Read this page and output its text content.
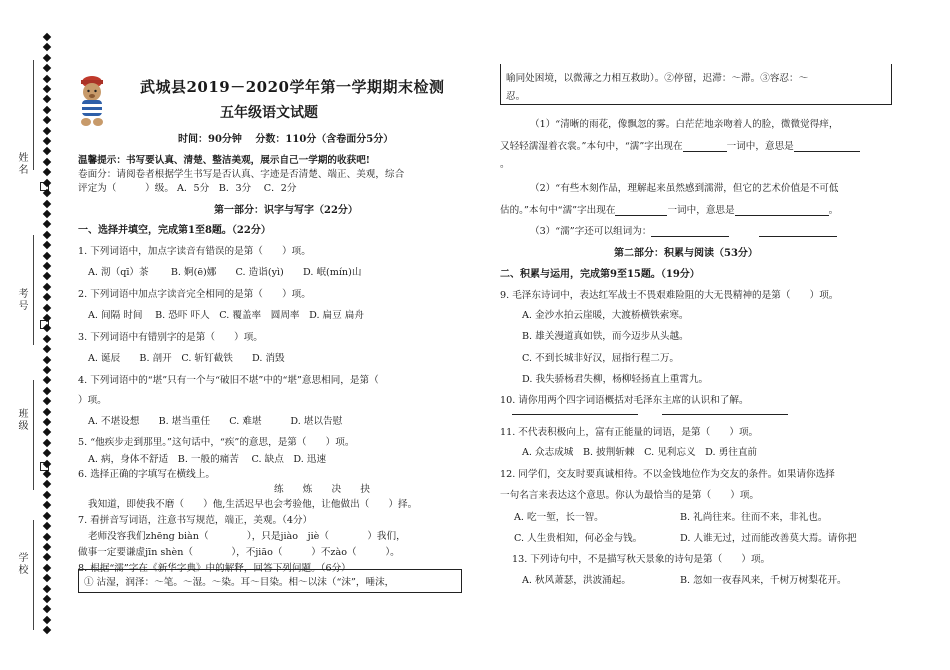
姓名
考号
班级
学校
武城县2019－2020学年第一学期期末检测
五年级语文试题
时间：90分钟　 分数：110分（含卷面分5分）
温馨提示：书写要认真、清楚、整洁美观，展示自己一学期的收获吧!
卷面分：请阅卷者根据学生书写是否认真、字迹是否清楚、端正、美观，综合
评定为（　　　）级。 A．5分　B．3分　 C．2分
第一部分：识字与写字（22分）
一、选择并填空，完成第1至8题。（22分）
1. 下列词语中，加点字读音有错误的是第（　　）项。
A. 沏（qī）茶　　 B. 婀(ē)娜　　C. 造诣(yì)　　D. 岷(mín)山
2. 下列词语中加点字读音完全相同的是第（　　）项。
A. 间隔 时间　 B. 恐吓 吓人　C. 覆盖率　圆周率　D. 扁豆 扁舟
3. 下列词语中有错别字的是第（　　）项。
A. 诞辰　　B. 剖开　C. 斩钉截铁　　D. 消毁
4. 下列词语中的“堪”只有一个与“破旧不堪”中的“堪”意思相同，是第（
）项。
A. 不堪设想　　B. 堪当重任　　C. 难堪　　　D. 堪以告慰
5. “他疾步走到那里。”这句话中，“疾”的意思，是第（　　）项。
A. 病，身体不舒适　B. 一般的痛苦　 C. 缺点　D. 迅速
6. 选择正确的字填写在横线上。
练　　炼　　决　　抉
我知道，即使我不磨（　　）他,生活迟早也会考验他，让他做出（　　）择。
7. 看拼音写词语，注意书写规范，端正，美观。（4分）
老师没容我们zhēng biàn（　　　　），只是jiào　jiè（　　　　）我们，
做事一定要谦虚jīn shèn（　　　　），不jiāo（　　　）不zào（　　　）。
8. 根据“濡”字在《新华字典》中的解释，回答下列问题。（6分）
① 沾湿，润泽：～笔。～湿。～染。耳～目染。相～以沫（“沫”，唾沫，
喻同处困境，以微薄之力相互救助）。②停留，迟滞：～滞。③容忍：～
忍。
（1）“清晰的雨花，像飘忽的雾。白茫茫地亲吻着人的脸，微微觉得痒，
又轻轻濡湿着衣裳。”本句中，“濡”字出现在	一词中，意思是
。
（2）“有些木刻作品，理解起来虽然感到濡滞，但它的艺术价值是不可低
估的。”本句中“濡”字出现在	一词中，意思是	。
（3）“濡”字还可以组词为：
第二部分：积累与阅读（53分）
二、积累与运用，完成第9至15题。（19分）
9. 毛泽东诗词中，表达红军战士不畏艰难险阻的大无畏精神的是第（　　）项。
A. 金沙水拍云崖暖，大渡桥横铁索寒。
B. 雄关漫道真如铁，而今迈步从头越。
C. 不到长城非好汉，屈指行程二万。
D. 我失骄杨君失柳，杨柳轻扬直上重霄九。
10. 请你用两个四字词语概括对毛泽东主席的认识和了解。
11. 不代表积极向上，富有正能量的词语，是第（　　）项。
A. 众志成城　B. 披荆斩棘　C. 见利忘义　D. 勇往直前
12. 同学们，交友时要真诚相待。不以金钱地位作为交友的条件。如果请你选择
一句名言来表达这个意思。你认为最恰当的是第（　　）项。
A. 吃一堑，长一智。	B. 礼尚往来。往而不来，非礼也。
C. 人生贵相知，何必金与钱。	D. 人谁无过，过而能改善莫大焉。请你把
13. 下列诗句中，不是描写秋天景象的诗句是第（　　）项。
A. 秋风萧瑟，洪波涌起。	B. 忽如一夜春风来，千树万树梨花开。
